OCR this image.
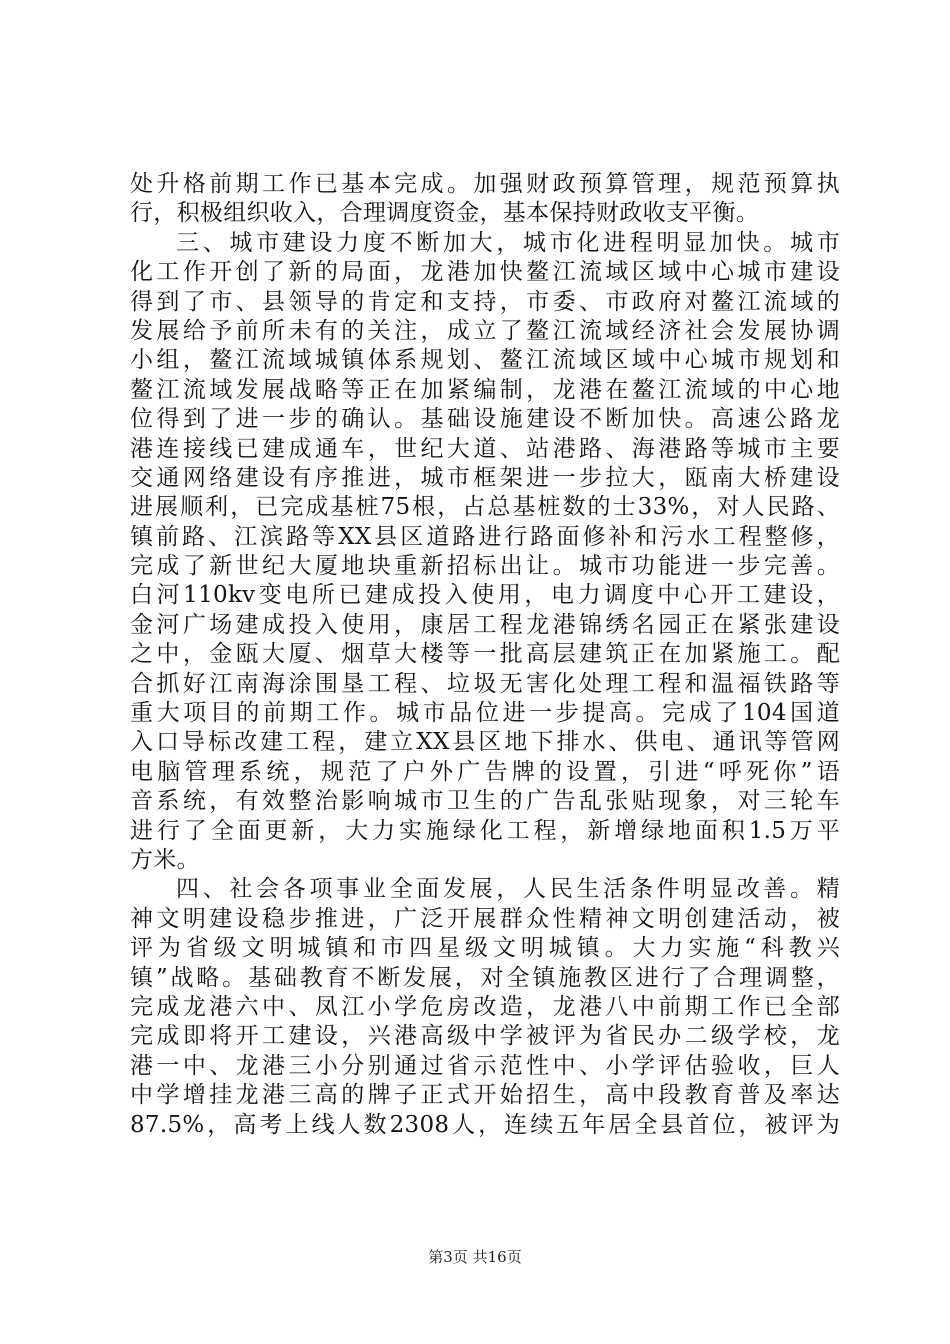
处升格前期工作已基本完成。加强财政预算管理，规范预算执
行，积极组织收入，合理调度资金，基本保持财政收支平衡。
三、城市建设力度不断加大，城市化进程明显加快。城市
化工作开创了新的局面，龙港加快鳌江流域区域中心城市建设
得到了市、县领导的肯定和支持，市委、市政府对鳌江流域的
发展给予前所未有的关注，成立了鳌江流域经济社会发展协调
小组，鳌江流域城镇体系规划、鳌江流域区域中心城市规划和
鳌江流域发展战略等正在加紧编制，龙港在鳌江流域的中心地
位得到了进一步的确认。基础设施建设不断加快。高速公路龙
港连接线已建成通车，世纪大道、站港路、海港路等城市主要
交通网络建设有序推进，城市框架进一步拉大，瓯南大桥建设
进展顺利，已完成基桩75根，占总基桩数的士33%，对人民路、
镇前路、江滨路等XX县区道路进行路面修补和污水工程整修，
完成了新世纪大厦地块重新招标出让。城市功能进一步完善。
白河110kv变电所已建成投入使用，电力调度中心开工建设，
金河广场建成投入使用，康居工程龙港锦绣名园正在紧张建设
之中，金瓯大厦、烟草大楼等一批高层建筑正在加紧施工。配
合抓好江南海涂围垦工程、垃圾无害化处理工程和温福铁路等
重大项目的前期工作。城市品位进一步提高。完成了104国道
入口导标改建工程，建立XX县区地下排水、供电、通讯等管网
电脑管理系统，规范了户外广告牌的设置，引进“呼死你”语
音系统，有效整治影响城市卫生的广告乱张贴现象，对三轮车
进行了全面更新，大力实施绿化工程，新增绿地面积1.5万平
方米。
四、社会各项事业全面发展，人民生活条件明显改善。精
神文明建设稳步推进，广泛开展群众性精神文明创建活动，被
评为省级文明城镇和市四星级文明城镇。大力实施“科教兴
镇”战略。基础教育不断发展，对全镇施教区进行了合理调整，
完成龙港六中、凤江小学危房改造，龙港八中前期工作已全部
完成即将开工建设，兴港高级中学被评为省民办二级学校，龙
港一中、龙港三小分别通过省示范性中、小学评估验收，巨人
中学增挂龙港三高的牌子正式开始招生，高中段教育普及率达
87.5%，高考上线人数2308人，连续五年居全县首位，被评为
第3页 共16页
